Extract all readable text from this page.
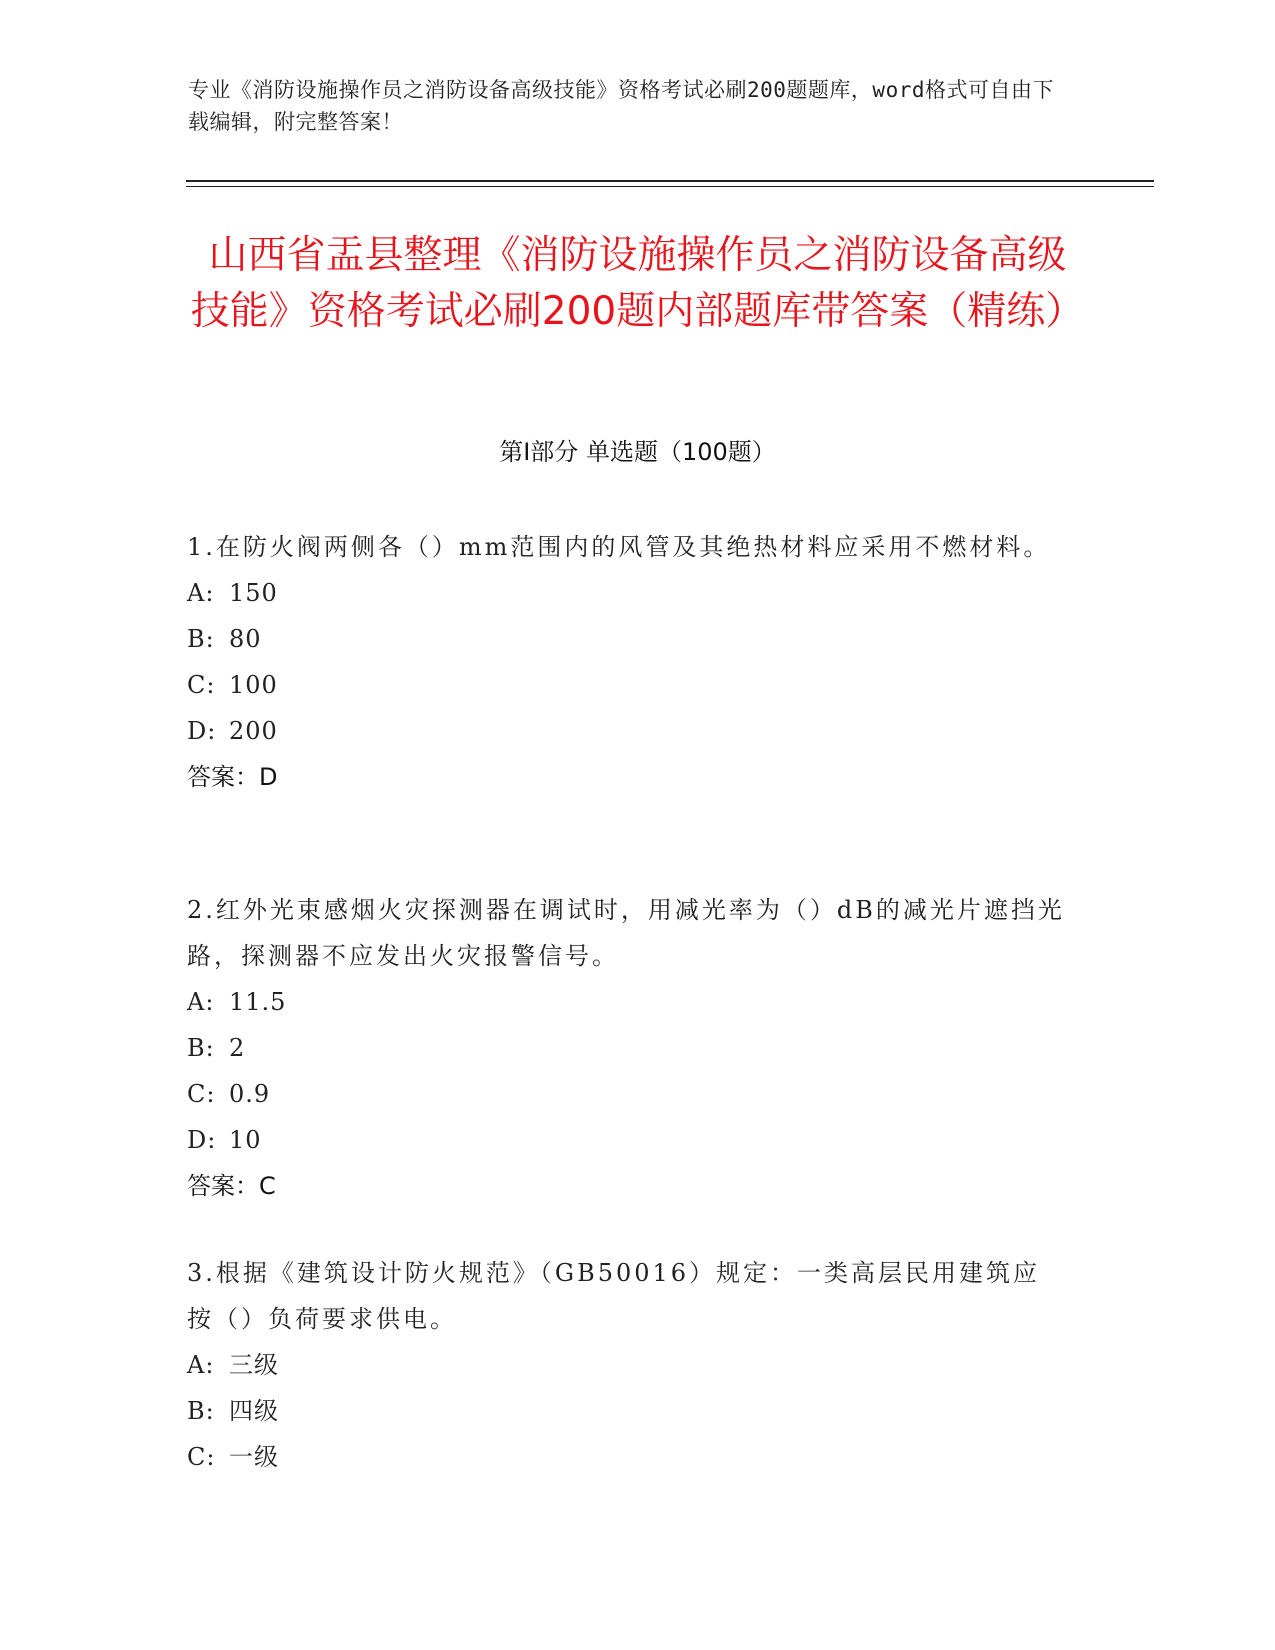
专业《消防设施操作员之消防设备高级技能》资格考试必刷200题题库，word格式可自由下载编辑，附完整答案！
山西省盂县整理《消防设施操作员之消防设备高级技能》资格考试必刷200题内部题库带答案（精练）
第Ⅰ部分 单选题（100题）

1.在防火阀两侧各（）mm范围内的风管及其绝热材料应采用不燃材料。

A: 150

B: 80

C: 100

D: 200

答案：D

2.红外光束感烟火灾探测器在调试时，用减光率为（）dB的减光片遮挡光路，探测器不应发出火灾报警信号。

A: 11.5

B: 2

C: 0.9

D: 10

答案：C

3.根据《建筑设计防火规范》（GB50016）规定：一类高层民用建筑应按（）负荷要求供电。

A: 三级

B: 四级

C: 一级
